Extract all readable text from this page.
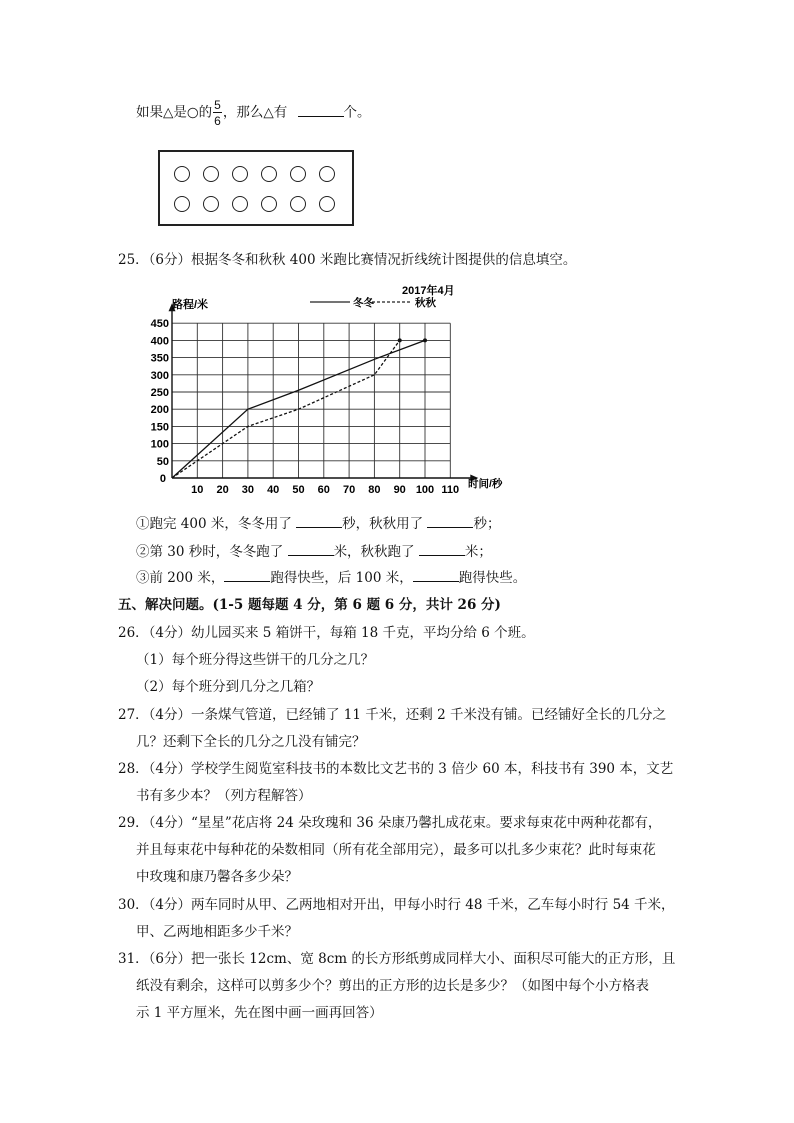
如果△是○的 $\frac{5}{6}$ ，那么△有	个。
25．（6分）根据冬冬和秋秋 400 米跑比赛情况折线统计图提供的信息填空。
10 20 30 40 50 60 70 80 90 100 110
50
100
150
200
250
300
350
400
450
0
路程/米
2017年4月
冬冬	秋秋
时间/秒
①跑完 400 米，冬冬用了	秒，秋秋用了	秒；
②第 30 秒时，冬冬跑了	米，秋秋跑了	米；
③前 200 米，	跑得快些，后 100 米，	跑得快些。
五、解决问题。(1-5 题每题 4 分，第 6 题 6 分，共计 26 分)
26．（4分）幼儿园买来 5 箱饼干，每箱 18 千克，平均分给 6 个班。
（1）每个班分得这些饼干的几分之几？
（2）每个班分到几分之几箱？
27．（4分）一条煤气管道，已经铺了 11 千米，还剩 2 千米没有铺。已经铺好全长的几分之
几？还剩下全长的几分之几没有铺完？
28．（4分）学校学生阅览室科技书的本数比文艺书的 3 倍少 60 本，科技书有 390 本，文艺
书有多少本？（列方程解答）
29．（4分）“星星”花店将 24 朵玫瑰和 36 朵康乃馨扎成花束。要求每束花中两种花都有，
并且每束花中每种花的朵数相同（所有花全部用完），最多可以扎多少束花？此时每束花
中玫瑰和康乃馨各多少朵？
30．（4分）两车同时从甲、乙两地相对开出，甲每小时行 48 千米，乙车每小时行 54 千米，
甲、乙两地相距多少千米？
31．（6分）把一张长 12cm、宽 8cm 的长方形纸剪成同样大小、面积尽可能大的正方形，且
纸没有剩余，这样可以剪多少个？剪出的正方形的边长是多少？（如图中每个小方格表
示 1 平方厘米，先在图中画一画再回答）
